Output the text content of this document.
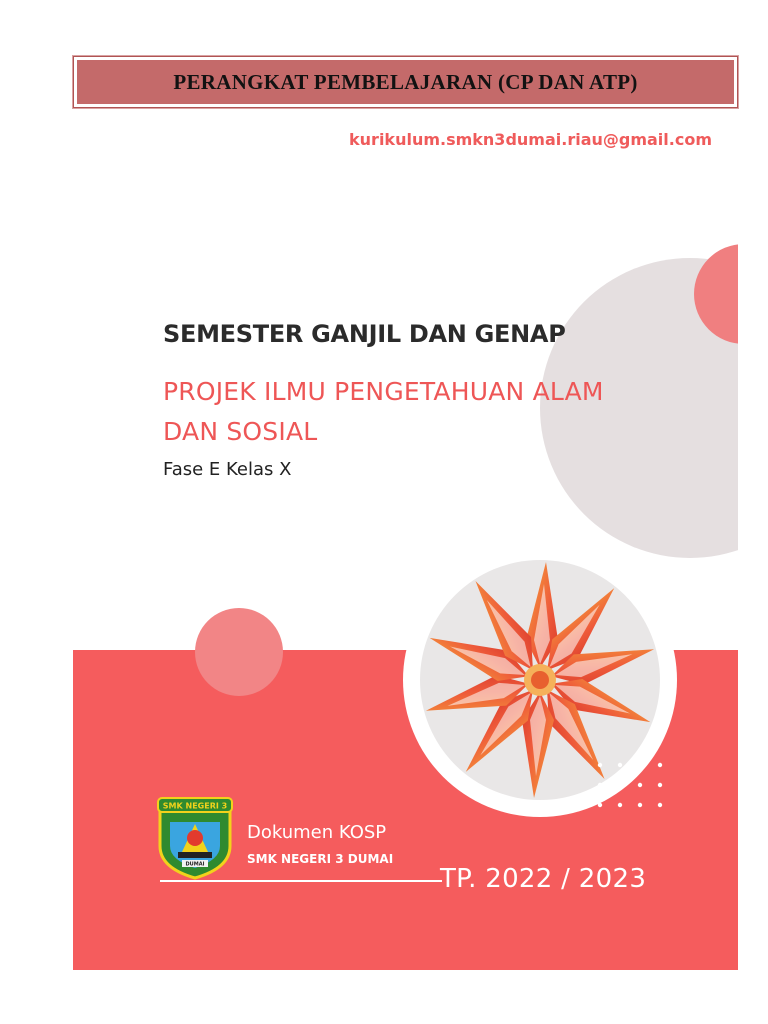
PERANGKAT PEMBELAJARAN (CP DAN ATP)
kurikulum.smkn3dumai.riau@gmail.com
SEMESTER GANJIL DAN GENAP
PROJEK ILMU PENGETAHUAN ALAM
DAN SOSIAL
Fase E Kelas X
SMK NEGERI 3
DUMAI
Dokumen KOSP
SMK NEGERI 3 DUMAI
TP. 2022 / 2023
